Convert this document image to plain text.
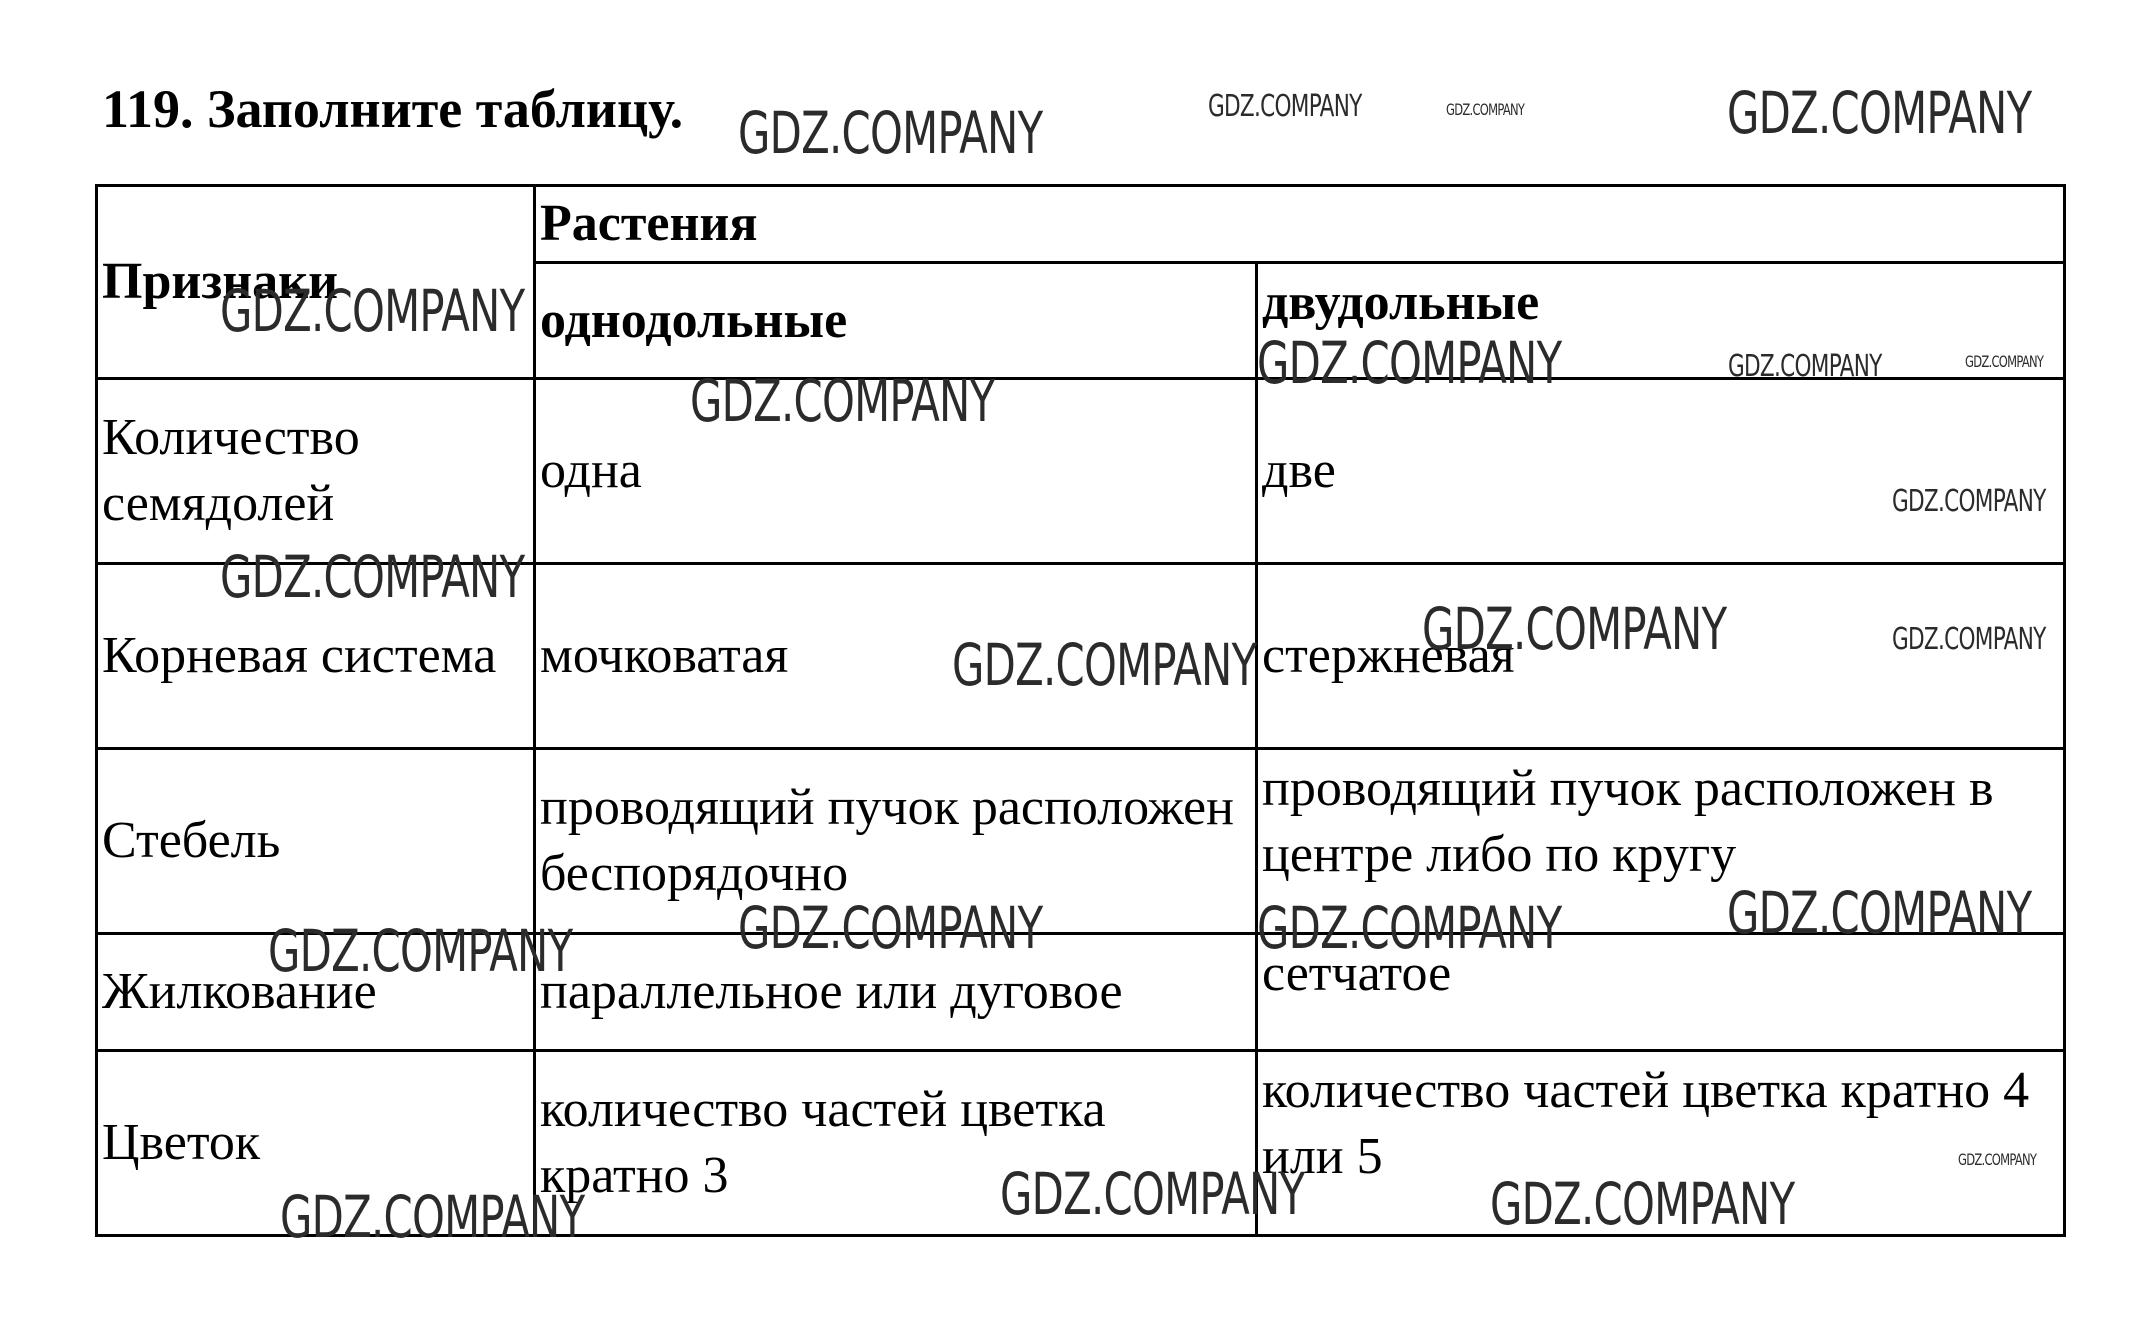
119. Заполните таблицу.
Признаки	Растения	
	однодольные	двудольные
Количество семядолей	одна	две
Корневая система	мочковатая	стержневая
Стебель	проводящий пучок расположен беспорядочно	проводящий пучок расположен в центре либо по кругу
Жилкование	параллельное или дуговое	сетчатое
Цветок	количество частей цветка кратно 3	количество частей цветка кратно 4 или 5
GDZ.COMPANY	GDZ.COMPANY	GDZ.COMPANY	GDZ.COMPANY
GDZ.COMPANY
GDZ.COMPANY	GDZ.COMPANY	GDZ.COMPANY
GDZ.COMPANY
GDZ.COMPANY
GDZ.COMPANY
GDZ.COMPANY	GDZ.COMPANY
GDZ.COMPANY
GDZ.COMPANY	GDZ.COMPANY	GDZ.COMPANY
GDZ.COMPANY
GDZ.COMPANY
GDZ.COMPANY
GDZ.COMPANY	GDZ.COMPANY
